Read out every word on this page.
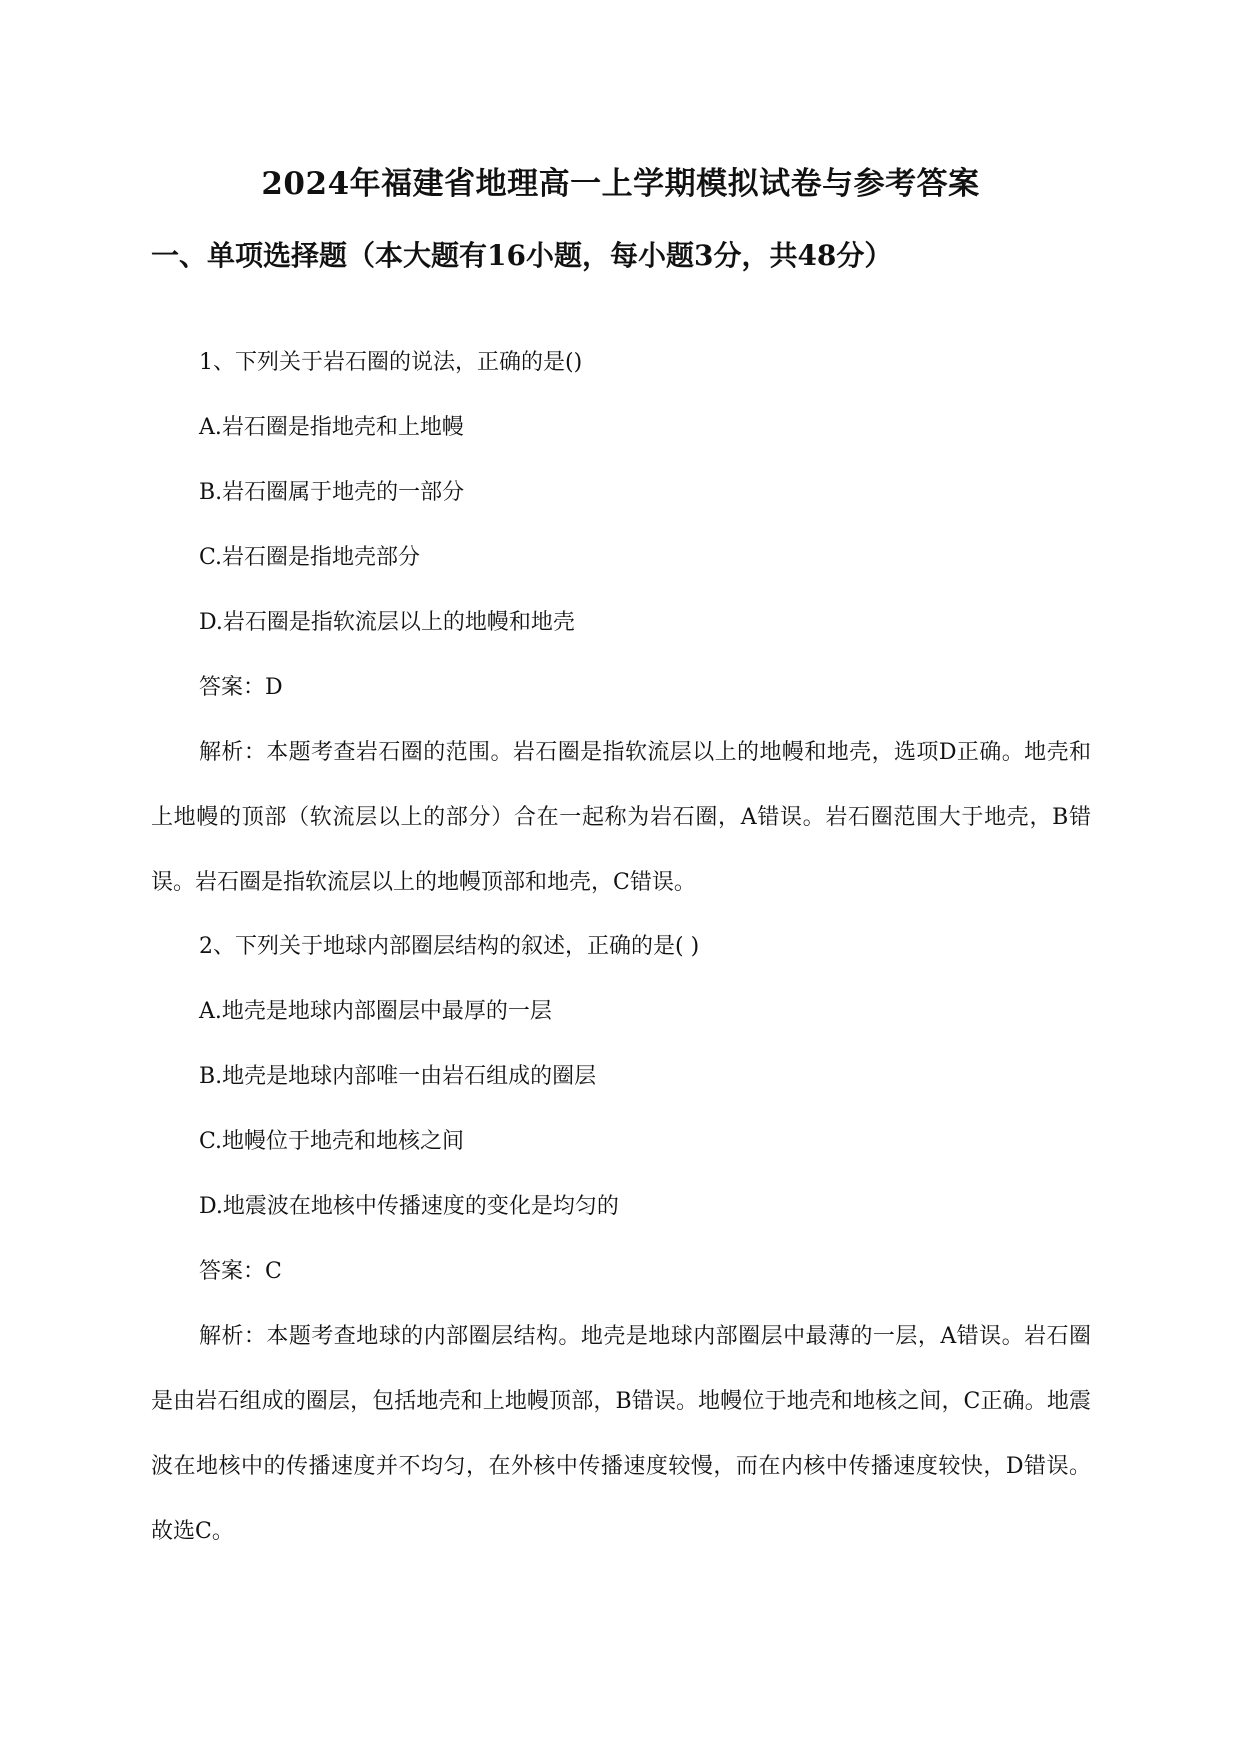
2024年福建省地理高一上学期模拟试卷与参考答案
一、单项选择题（本大题有16小题，每小题3分，共48分）
1、下列关于岩石圈的说法，正确的是()
A.岩石圈是指地壳和上地幔
B.岩石圈属于地壳的一部分
C.岩石圈是指地壳部分
D.岩石圈是指软流层以上的地幔和地壳
答案：D
解析：本题考查岩石圈的范围。岩石圈是指软流层以上的地幔和地壳，选项D正确。地壳和上地幔的顶部（软流层以上的部分）合在一起称为岩石圈，A错误。岩石圈范围大于地壳，B错误。岩石圈是指软流层以上的地幔顶部和地壳，C错误。
2、下列关于地球内部圈层结构的叙述，正确的是( )
A.地壳是地球内部圈层中最厚的一层
B.地壳是地球内部唯一由岩石组成的圈层
C.地幔位于地壳和地核之间
D.地震波在地核中传播速度的变化是均匀的
答案：C
解析：本题考查地球的内部圈层结构。地壳是地球内部圈层中最薄的一层，A错误。岩石圈是由岩石组成的圈层，包括地壳和上地幔顶部，B错误。地幔位于地壳和地核之间，C正确。地震波在地核中的传播速度并不均匀，在外核中传播速度较慢，而在内核中传播速度较快，D错误。故选C。
